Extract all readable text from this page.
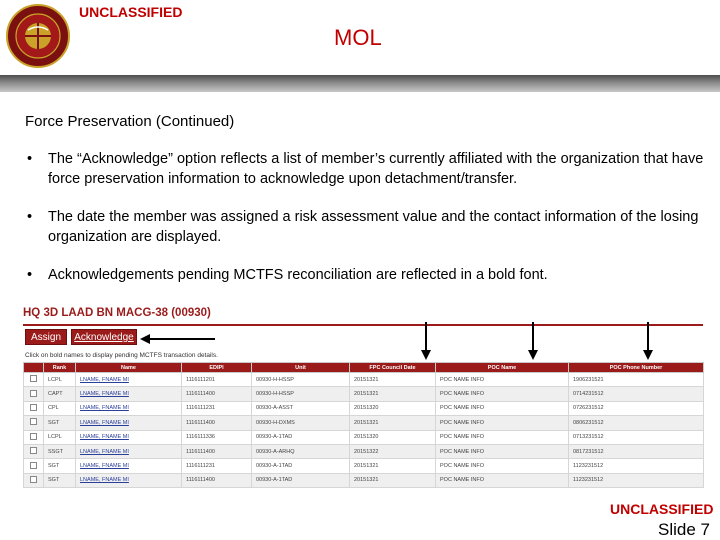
UNCLASSIFIED
MOL
Force Preservation (Continued)
• The “Acknowledge” option reflects a list of member’s currently affiliated with the organization that have force preservation information to acknowledge upon detachment/transfer.
• The date the member was assigned a risk assessment value and the contact information of the losing organization are displayed.
• Acknowledgements pending MCTFS reconciliation are reflected in a bold font.
HQ 3D LAAD BN MACG-38 (00930)
Assign	Acknowledge
Click on bold names to display pending MCTFS transaction details.
	Rank	Name	EDIPI	Unit	FPC Council Date	POC Name	POC Phone Number
	LCPL	LNAME, FNAME MI	1116111201	00930-H-HSSP	20151321	POC NAME INFO	1906231521
	CAPT	LNAME, FNAME MI	1116111400	00930-H-HSSP	20151321	POC NAME INFO	0714231512
	CPL	LNAME, FNAME MI	1116111231	00930-A-ASST	20151320	POC NAME INFO	0726231512
	SGT	LNAME, FNAME MI	1116111400	00930-H-DXMS	20151321	POC NAME INFO	0806231512
	LCPL	LNAME, FNAME MI	1116111336	00930-A-1TAD	20151320	POC NAME INFO	0713231512
	SSGT	LNAME, FNAME MI	1116111400	00930-A-ARHQ	20151322	POC NAME INFO	0817231512
	SGT	LNAME, FNAME MI	1116111231	00930-A-1TAD	20151321	POC NAME INFO	1123231512
	SGT	LNAME, FNAME MI	1116111400	00930-A-1TAD	20151321	POC NAME INFO	1123231512
UNCLASSIFIED
Slide 7
